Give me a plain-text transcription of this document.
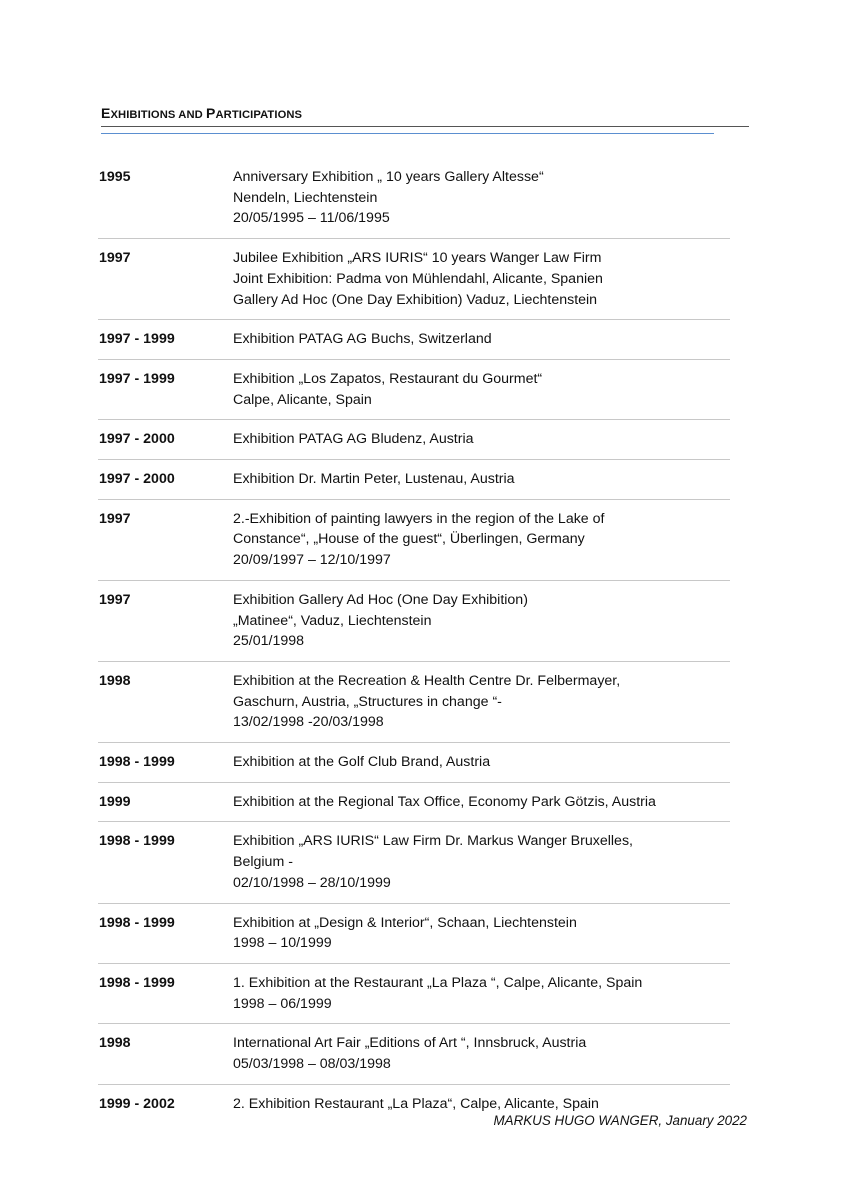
EXHIBITIONS AND PARTICIPATIONS
1995	Anniversary Exhibition „ 10 years Gallery Altesse“
Nendeln, Liechtenstein
20/05/1995 – 11/06/1995
1997	Jubilee Exhibition „ARS IURIS“ 10 years Wanger Law Firm
Joint Exhibition: Padma von Mühlendahl, Alicante, Spanien
Gallery Ad Hoc (One Day Exhibition) Vaduz, Liechtenstein
1997 - 1999	Exhibition PATAG AG Buchs, Switzerland
1997 - 1999	Exhibition „Los Zapatos, Restaurant du Gourmet“
Calpe, Alicante, Spain
1997 - 2000	Exhibition PATAG AG Bludenz, Austria
1997 - 2000	Exhibition Dr. Martin Peter, Lustenau, Austria
1997	2.-Exhibition of painting lawyers in the region of the Lake of
Constance“, „House of the guest“, Überlingen, Germany
20/09/1997 – 12/10/1997
1997	Exhibition Gallery Ad Hoc (One Day Exhibition)
„Matinee“, Vaduz, Liechtenstein
25/01/1998
1998	Exhibition at the Recreation & Health Centre Dr. Felbermayer,
Gaschurn, Austria, „Structures in change “-
13/02/1998 -20/03/1998
1998 - 1999	Exhibition at the Golf Club Brand, Austria
1999	Exhibition at the Regional Tax Office, Economy Park Götzis, Austria
1998 - 1999	Exhibition „ARS IURIS“ Law Firm Dr. Markus Wanger Bruxelles,
Belgium -
02/10/1998 – 28/10/1999
1998 - 1999	Exhibition at „Design & Interior“, Schaan, Liechtenstein
1998 – 10/1999
1998 - 1999	1. Exhibition at the Restaurant „La Plaza “, Calpe, Alicante, Spain
1998 – 06/1999
1998	International Art Fair „Editions of Art “, Innsbruck, Austria
05/03/1998 – 08/03/1998
1999 - 2002	2. Exhibition Restaurant „La Plaza“, Calpe, Alicante, Spain
MARKUS HUGO WANGER, January 2022
